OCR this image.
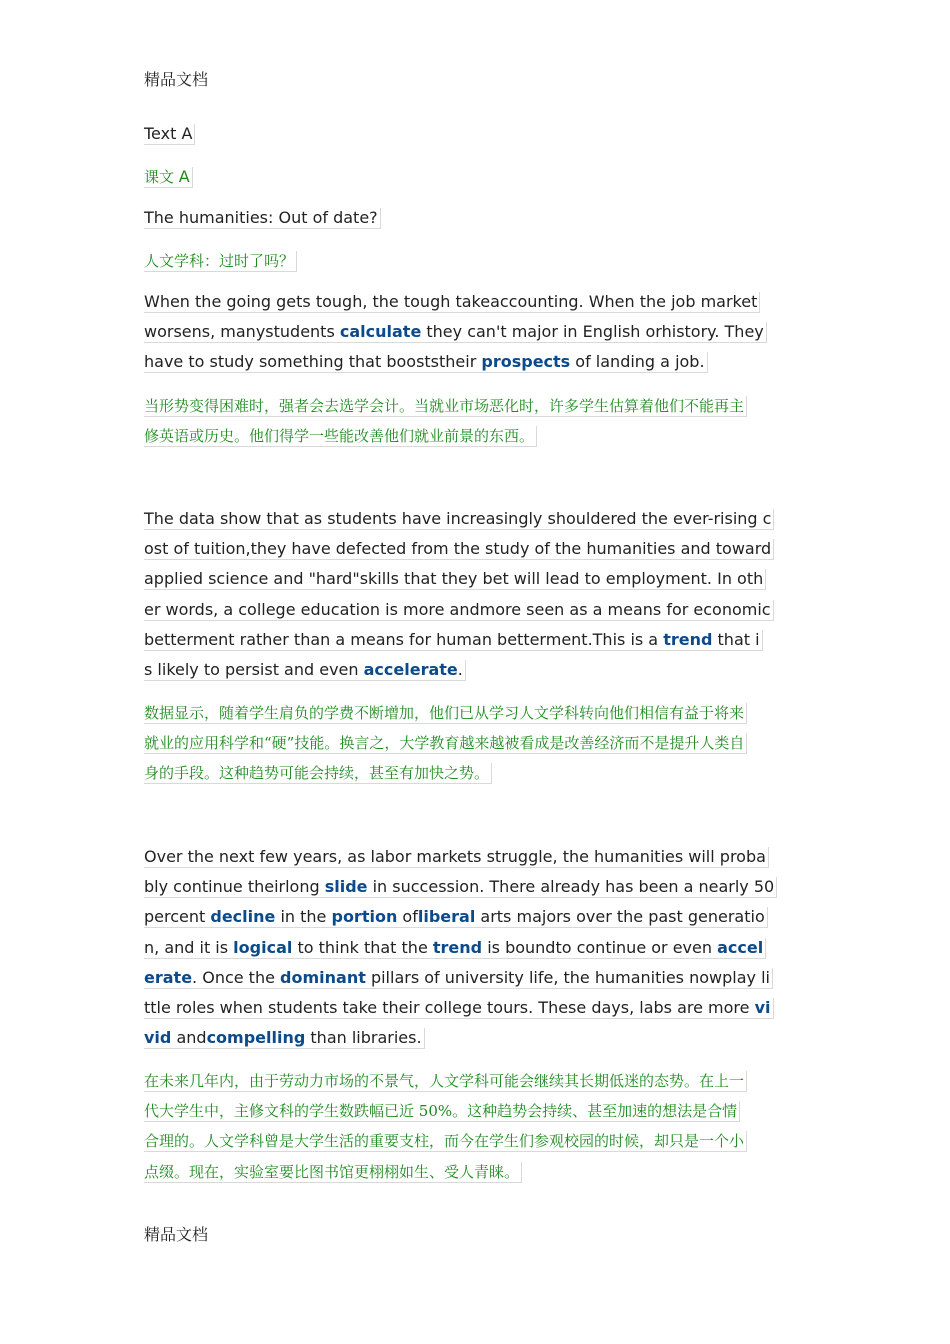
精品文档
Text A
课文 A
The humanities: Out of date?
人文学科：过时了吗？
When the going gets tough, the tough takeaccounting. When the job market
worsens, manystudents calculate they can't major in English orhistory. They
have to study something that booststheir prospects of landing a job.
当形势变得困难时，强者会去选学会计。当就业市场恶化时，许多学生估算着他们不能再主
修英语或历史。他们得学一些能改善他们就业前景的东西。
The data show that as students have increasingly shouldered the ever-rising c
ost of tuition,they have defected from the study of the humanities and toward
applied science and "hard"skills that they bet will lead to employment. In oth
er words, a college education is more andmore seen as a means for economic
betterment rather than a means for human betterment.This is a trend that i
s likely to persist and even accelerate.
数据显示，随着学生肩负的学费不断增加，他们已从学习人文学科转向他们相信有益于将来
就业的应用科学和“硬”技能。换言之，大学教育越来越被看成是改善经济而不是提升人类自
身的手段。这种趋势可能会持续，甚至有加快之势。
Over the next few years, as labor markets struggle, the humanities will proba
bly continue theirlong slide in succession. There already has been a nearly 50
percent decline in the portion ofliberal arts majors over the past generatio
n, and it is logical to think that the trend is boundto continue or even accel
erate. Once the dominant pillars of university life, the humanities nowplay li
ttle roles when students take their college tours. These days, labs are more vi
vid andcompelling than libraries.
在未来几年内，由于劳动力市场的不景气，人文学科可能会继续其长期低迷的态势。在上一
代大学生中，主修文科的学生数跌幅已近 50%。这种趋势会持续、甚至加速的想法是合情
合理的。人文学科曾是大学生活的重要支柱，而今在学生们参观校园的时候，却只是一个小
点缀。现在，实验室要比图书馆更栩栩如生、受人青睐。
精品文档
